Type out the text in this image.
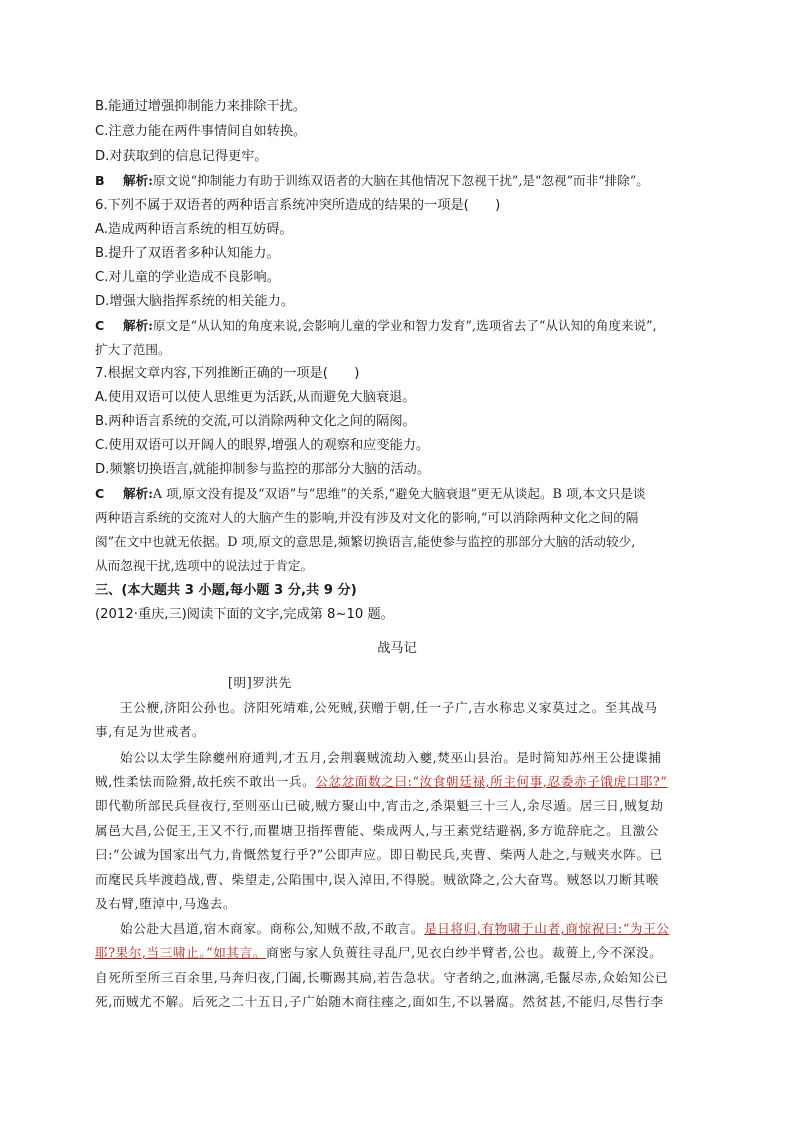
B.能通过增强抑制能力来排除干扰。
C.注意力能在两件事情间自如转换。
D.对获取到的信息记得更牢。
B 解析:原文说“抑制能力有助于训练双语者的大脑在其他情况下忽视干扰”,是“忽视”而非“排除”。
6.下列不属于双语者的两种语言系统冲突所造成的结果的一项是(　　)
A.造成两种语言系统的相互妨碍。
B.提升了双语者多种认知能力。
C.对儿童的学业造成不良影响。
D.增强大脑指挥系统的相关能力。
C 解析:原文是“从认知的角度来说,会影响儿童的学业和智力发育”,选项省去了“从认知的角度来说”,
扩大了范围。
7.根据文章内容,下列推断正确的一项是(　　)
A.使用双语可以使人思维更为活跃,从而避免大脑衰退。
B.两种语言系统的交流,可以消除两种文化之间的隔阂。
C.使用双语可以开阔人的眼界,增强人的观察和应变能力。
D.频繁切换语言,就能抑制参与监控的那部分大脑的活动。
C 解析:A 项,原文没有提及“双语”与“思维”的关系,“避免大脑衰退”更无从谈起。B 项,本文只是谈
两种语言系统的交流对人的大脑产生的影响,并没有涉及对文化的影响,“可以消除两种文化之间的隔
阂”在文中也就无依据。D 项,原文的意思是,频繁切换语言,能使参与监控的那部分大脑的活动较少,
从而忽视干扰,选项中的说法过于肯定。
三、(本大题共 3 小题,每小题 3 分,共 9 分)
(2012·重庆,三)阅读下面的文字,完成第 8~10 题。
战马记
[明]罗洪先
王公楩,济阳公孙也。济阳死靖难,公死贼,获赠于朝,任一子广,吉水称忠义家莫过之。至其战马
事,有足为世戒者。
始公以太学生除夔州府通判,才五月,会荆襄贼流劫入夔,焚巫山县治。是时简知苏州王公捷谍捕
贼,性柔怯而险猾,故托疾不敢出一兵。公忿忿面数之曰:“汝食朝廷禄,所主何事,忍委赤子饿虎口耶?”
即代勒所部民兵昼夜行,至则巫山已破,贼方聚山中,宵击之,杀渠魁三十三人,余尽遁。居三日,贼复劫
属邑大昌,公促王,王又不行,而瞿塘卫指挥曹能、柴成两人,与王素党结避祸,多方诡辞庇之。且激公
曰:“公诚为国家出气力,肯慨然复行乎?”公即声应。即日勒民兵,夹曹、柴两人赴之,与贼夹水阵。已
而麾民兵毕渡趋战,曹、柴望走,公陷围中,误入淖田,不得脱。贼欲降之,公大奋骂。贼怒以刀断其喉
及右臂,堕淖中,马逸去。
始公赴大昌道,宿木商家。商称公,知贼不敌,不敢言。是日将归,有物啸于山者,商惊祝曰:“为王公
耶?果尔,当三啸止。”如其言。商密与家人负蒉往寻乱尸,见衣白纱半臂者,公也。裁蒉上,今不深没。
自死所至所三百余里,马奔归夜,门阖,长嘶踢其扃,若告急状。守者纳之,血淋漓,毛鬣尽赤,众始知公已
死,而贼尤不解。后死之二十五日,子广始随木商往瘗之,面如生,不以暑腐。然贫甚,不能归,尽售行李
